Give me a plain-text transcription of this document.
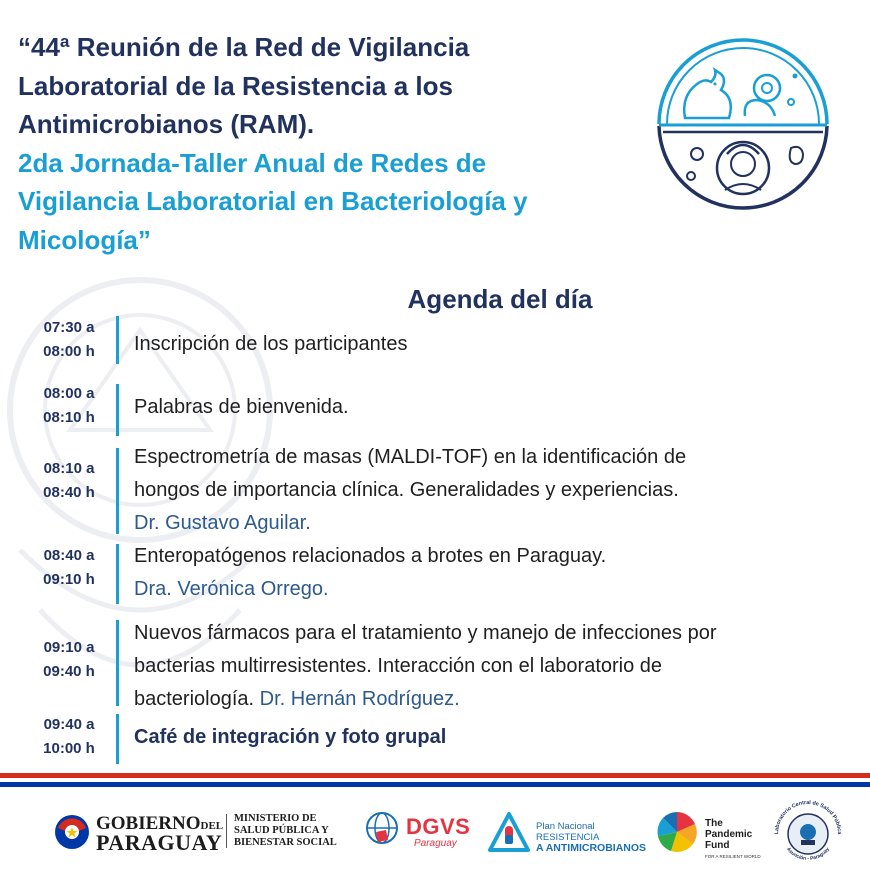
“44ª Reunión de la Red de Vigilancia
Laboratorial de la Resistencia a los
Antimicrobianos (RAM).
2da Jornada-Taller Anual de Redes de
Vigilancia Laboratorial en Bacteriología y
Micología”
Agenda del día
07:30 a
08:00 h	Inscripción de los participantes
08:00 a
08:10 h	Palabras de bienvenida.
08:10 a
08:40 h
Espectrometría de masas (MALDI-TOF) en la identificación de
hongos de importancia clínica. Generalidades y experiencias.
Dr. Gustavo Aguilar.
08:40 a
09:10 h
Enteropatógenos relacionados a brotes en Paraguay.
Dra. Verónica Orrego.
09:10 a
09:40 h
Nuevos fármacos para el tratamiento y manejo de infecciones por
bacterias multirresistentes. Interacción con el laboratorio de
bacteriología. Dr. Hernán Rodríguez.
09:40 a
10:00 h
Café de integración y foto grupal
GOBIERNODEL
PARAGUAY
MINISTERIO DE
SALUD PÚBLICA Y
BIENESTAR SOCIAL
DGVS
Paraguay
Plan Nacional
RESISTENCIA
A ANTIMICROBIANOS
The
Pandemic
Fund
FOR A RESILIENT WORLD
Laboratorio Central de Salud Pública
Asunción - Paraguay
